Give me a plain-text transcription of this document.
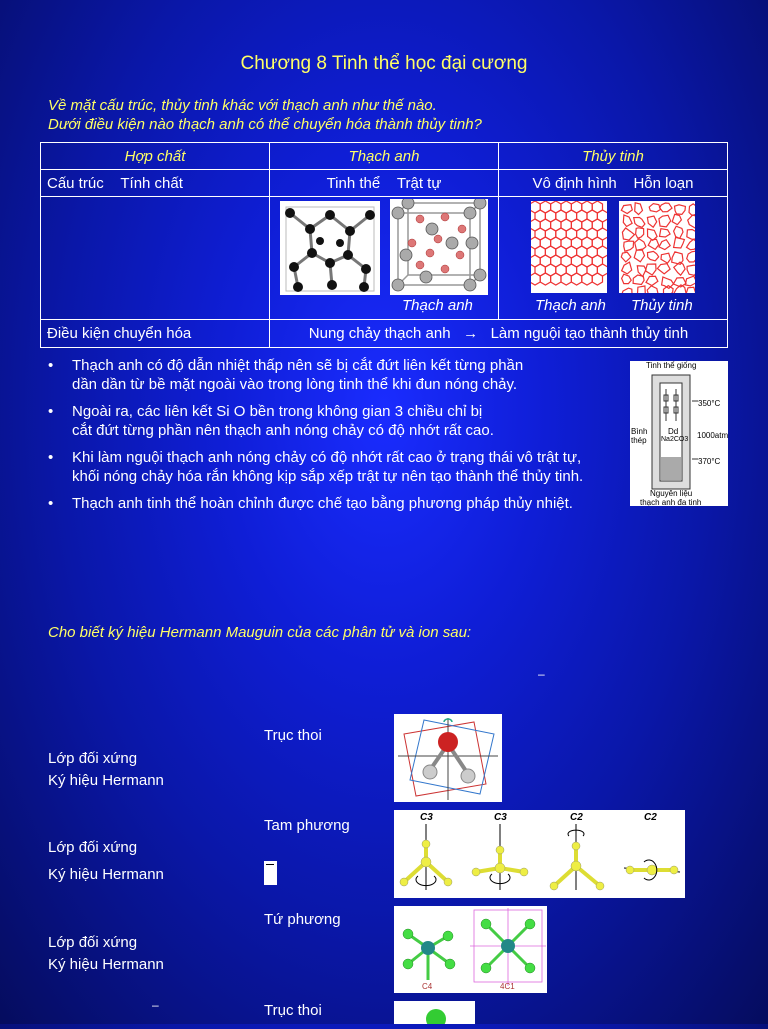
Chương 8 Tinh thể học đại cương
Về mặt cấu trúc, thủy tinh khác với thạch anh như thế nào.
Dưới điều kiện nào thạch anh có thể chuyển hóa thành thủy tinh?
Hợp chất	Thạch anh	Thủy tinh
Cấu trúc Tính chất	Tinh thể Trật tự	Vô định hình Hỗn loạn

	Thạch anh	Thạch anh Thủy tinh

Điều kiện chuyển hóa	Nung chảy thạch anh → Làm nguội tạo thành thủy tinh	
• Thạch anh có độ dẫn nhiệt thấp nên sẽ bị cắt đứt liên kết từng phần
dần dần từ bề mặt ngoài vào trong lòng tinh thể khi đun nóng chảy.
• Ngoài ra, các liên kết Si O bền trong không gian 3 chiều chỉ bị
cắt đứt từng phần nên thạch anh nóng chảy có độ nhớt rất cao.
• Khi làm nguội thạch anh nóng chảy có độ nhớt rất cao ở trạng thái vô trật tự,
khối nóng chảy hóa rắn không kịp sắp xếp trật tự nên tạo thành thể thủy tinh.
• Thạch anh tinh thể hoàn chỉnh được chế tạo bằng phương pháp thủy nhiệt.
Tinh thể giống
350°C
1000atm
370°C
Bình
thép
Dd
Na2CO3
Nguyên liệu
thạch anh đa tinh
Cho biết ký hiệu Hermann Mauguin của các phân tử và ion sau:
–
Trục thoi
Lớp đối xứng
Ký hiệu Hermann
Tam phương
Lớp đối xứng
Ký hiệu Hermann
C3	C3	C2	C2
Tứ phương
Lớp đối xứng
Ký hiệu Hermann
C4	4C1
–	Trục thoi
